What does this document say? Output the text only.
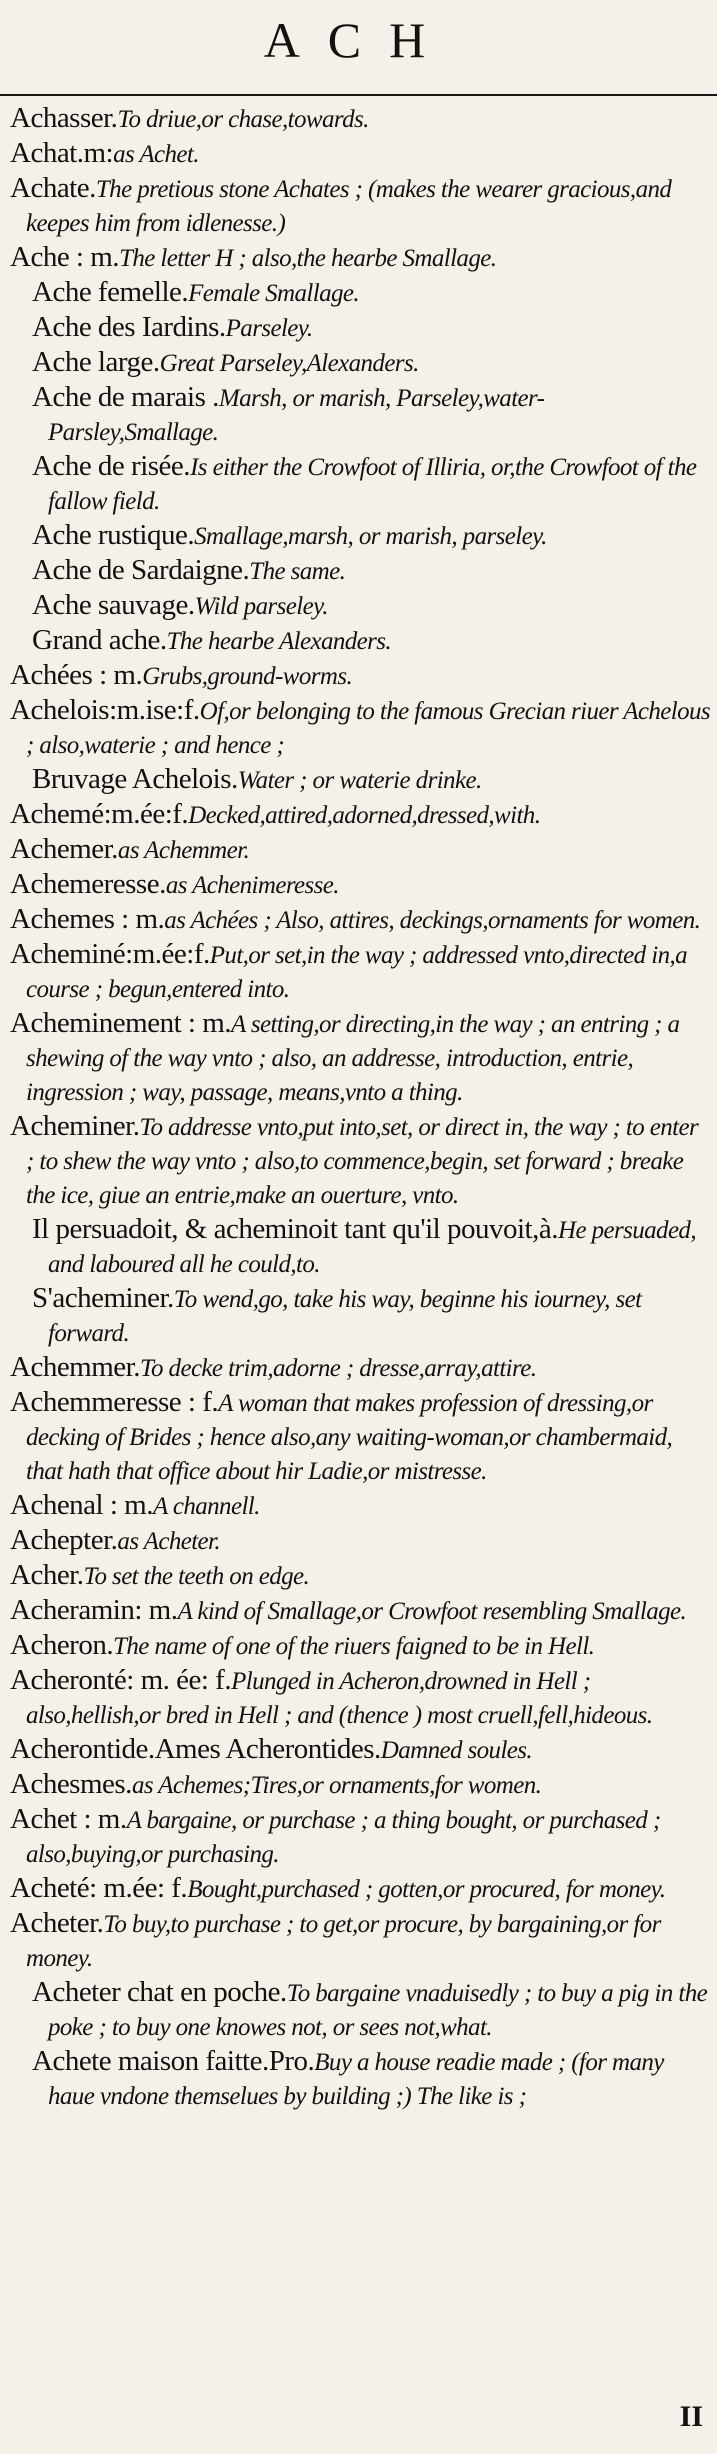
ACH
Achasser.To driue,or chase,towards.
Achat.m:as Achet.
Achate.The pretious stone Achates ; (makes the wearer gracious,and keepes him from idlenesse.)
Ache : m.The letter H ; also,the hearbe Smallage.
Ache femelle.Female Smallage.
Ache des Iardins.Parseley.
Ache large.Great Parseley,Alexanders.
Ache de marais .Marsh, or marish, Parseley,water-Parsley,Smallage.
Ache de risée.Is either the Crowfoot of Illiria, or,the Crowfoot of the fallow field.
Ache rustique.Smallage,marsh, or marish, parseley.
Ache de Sardaigne.The same.
Ache sauvage.Wild parseley.
Grand ache.The hearbe Alexanders.
Achées : m.Grubs,ground-worms.
Achelois:m.ise:f.Of,or belonging to the famous Grecian riuer Achelous ; also,waterie ; and hence ;
Bruvage Achelois.Water ; or waterie drinke.
Achemé:m.ée:f.Decked,attired,adorned,dressed,with.
Achemer.as Achemmer.
Achemeresse.as Achenimeresse.
Achemes : m.as Achées ; Also, attires, deckings,ornaments for women.
Acheminé:m.ée:f.Put,or set,in the way ; addressed vnto,directed in,a course ; begun,entered into.
Acheminement : m.A setting,or directing,in the way ; an entring ; a shewing of the way vnto ; also, an addresse, introduction, entrie, ingression ; way, passage, means,vnto a thing.
Acheminer.To addresse vnto,put into,set, or direct in, the way ; to enter ; to shew the way vnto ; also,to commence,begin, set forward ; breake the ice, giue an entrie,make an ouerture, vnto.
Il persuadoit, & acheminoit tant qu'il pouvoit,à.He persuaded, and laboured all he could,to.
S'acheminer.To wend,go, take his way, beginne his iourney, set forward.
Achemmer.To decke trim,adorne ; dresse,array,attire.
Achemmeresse : f.A woman that makes profession of dressing,or decking of Brides ; hence also,any waiting-woman,or chambermaid, that hath that office about hir Ladie,or mistresse.
Achenal : m.A channell.
Achepter.as Acheter.
Acher.To set the teeth on edge.
Acheramin: m.A kind of Smallage,or Crowfoot resembling Smallage.
Acheron.The name of one of the riuers faigned to be in Hell.
Acheronté: m. ée: f.Plunged in Acheron,drowned in Hell ; also,hellish,or bred in Hell ; and (thence ) most cruell,fell,hideous.
Acherontide.Ames Acherontides.Damned soules.
Achesmes.as Achemes;Tires,or ornaments,for women.
Achet : m.A bargaine, or purchase ; a thing bought, or purchased ; also,buying,or purchasing.
Acheté: m.ée: f.Bought,purchased ; gotten,or procured, for money.
Acheter.To buy,to purchase ; to get,or procure, by bargaining,or for money.
Acheter chat en poche.To bargaine vnaduisedly ; to buy a pig in the poke ; to buy one knowes not, or sees not,what.
Achete maison faitte.Pro.Buy a house readie made ; (for many haue vndone themselues by building ;) The like is ;
II
